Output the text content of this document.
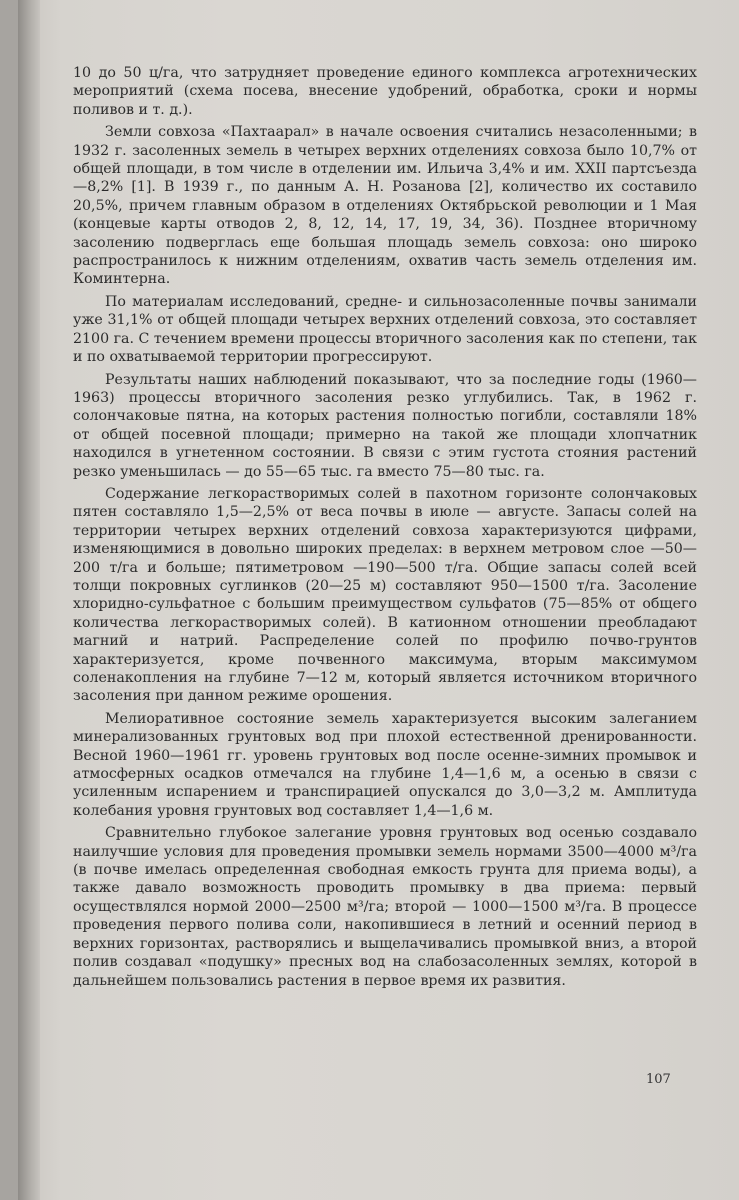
10 до 50 ц/га, что затрудняет проведение единого комплекса агротехнических мероприятий (схема посева, внесение удобрений, обработка, сроки и нормы поливов и т. д.).

Земли совхоза «Пахтаарал» в начале освоения считались незасоленными; в 1932 г. засоленных земель в четырех верхних отделениях совхоза было 10,7% от общей площади, в том числе в отделении им. Ильича 3,4% и им. XXII партсъезда —8,2% [1]. В 1939 г., по данным А. Н. Розанова [2], количество их составило 20,5%, причем главным образом в отделениях Октябрьской революции и 1 Мая (концевые карты отводов 2, 8, 12, 14, 17, 19, 34, 36). Позднее вторичному засолению подверглась еще большая площадь земель совхоза: оно широко распространилось к нижним отделениям, охватив часть земель отделения им. Коминтерна.

По материалам исследований, средне- и сильнозасоленные почвы занимали уже 31,1% от общей площади четырех верхних отделений совхоза, это составляет 2100 га. С течением времени процессы вторичного засоления как по степени, так и по охватываемой территории прогрессируют.

Результаты наших наблюдений показывают, что за последние годы (1960—1963) процессы вторичного засоления резко углубились. Так, в 1962 г. солончаковые пятна, на которых растения полностью погибли, составляли 18% от общей посевной площади; примерно на такой же площади хлопчатник находился в угнетенном состоянии. В связи с этим густота стояния растений резко уменьшилась — до 55—65 тыс. га вместо 75—80 тыс. га.

Содержание легкорастворимых солей в пахотном горизонте солончаковых пятен составляло 1,5—2,5% от веса почвы в июле — августе. Запасы солей на территории четырех верхних отделений совхоза характеризуются цифрами, изменяющимися в довольно широких пределах: в верхнем метровом слое —50—200 т/га и больше; пятиметровом —190—500 т/га. Общие запасы солей всей толщи покровных суглинков (20—25 м) составляют 950—1500 т/га. Засоление хлоридно-сульфатное с большим преимуществом сульфатов (75—85% от общего количества легкорастворимых солей). В катионном отношении преобладают магний и натрий. Распределение солей по профилю почво-грунтов характеризуется, кроме почвенного максимума, вторым максимумом соленакопления на глубине 7—12 м, который является источником вторичного засоления при данном режиме орошения.

Мелиоративное состояние земель характеризуется высоким залеганием минерализованных грунтовых вод при плохой естественной дренированности. Весной 1960—1961 гг. уровень грунтовых вод после осенне-зимних промывок и атмосферных осадков отмечался на глубине 1,4—1,6 м, а осенью в связи с усиленным испарением и транспирацией опускался до 3,0—3,2 м. Амплитуда колебания уровня грунтовых вод составляет 1,4—1,6 м.

Сравнительно глубокое залегание уровня грунтовых вод осенью создавало наилучшие условия для проведения промывки земель нормами 3500—4000 м³/га (в почве имелась определенная свободная емкость грунта для приема воды), а также давало возможность проводить промывку в два приема: первый осуществлялся нормой 2000—2500 м³/га; второй — 1000—1500 м³/га. В процессе проведения первого полива соли, накопившиеся в летний и осенний период в верхних горизонтах, растворялись и выщелачивались промывкой вниз, а второй полив создавал «подушку» пресных вод на слабозасоленных землях, которой в дальнейшем пользовались растения в первое время их развития.

107
